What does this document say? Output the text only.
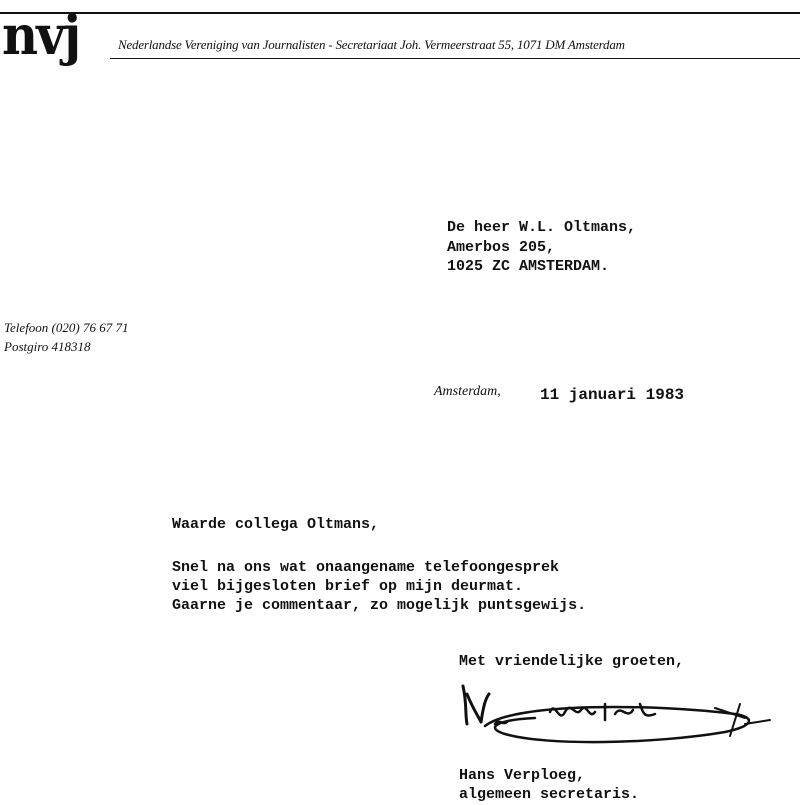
nvj	Nederlandse Vereniging van Journalisten - Secretariaat Joh. Vermeerstraat 55, 1071 DM Amsterdam
De heer W.L. Oltmans,
Amerbos 205,
1025 ZC AMSTERDAM.
Telefoon (020) 76 67 71
Postgiro 418318
Amsterdam, 11 januari 1983
Waarde collega Oltmans,
Snel na ons wat onaangename telefoongesprek
viel bijgesloten brief op mijn deurmat.
Gaarne je commentaar, zo mogelijk puntsgewijs.
Met vriendelijke groeten,
Hans Verploeg,
algemeen secretaris.
